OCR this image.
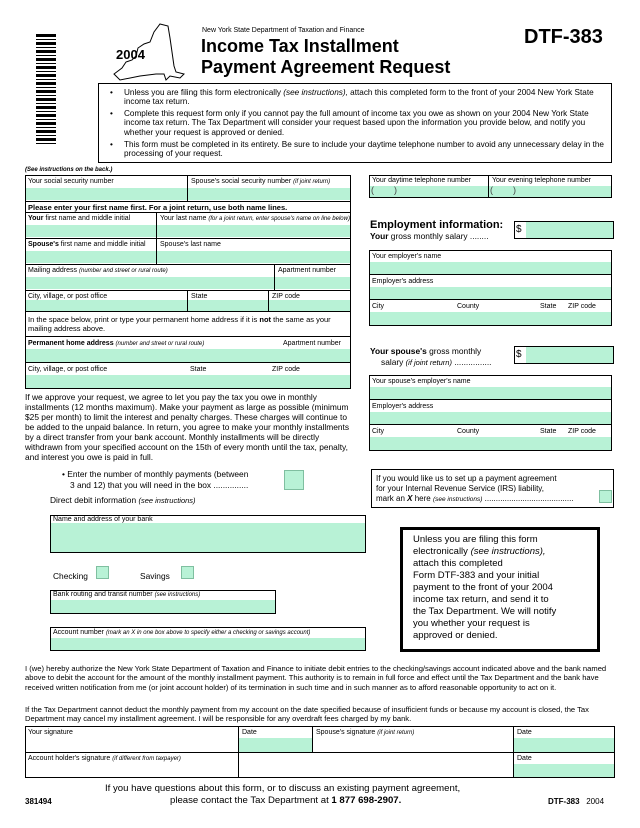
2004
New York State Department of Taxation and Finance
Income Tax Installment
Payment Agreement Request
DTF-383
• Unless you are filing this form electronically (see instructions), attach this completed form to the front of your 2004 New York State income tax return.
• Complete this request form only if you cannot pay the full amount of income tax you owe as shown on your 2004 New York State income tax return. The Tax Department will consider your request based upon the information you provide below, and notify you whether your request is approved or denied.
• This form must be completed in its entirety. Be sure to include your daytime telephone number to avoid any unnecessary delay in the processing of your request.
(See instructions on the back.)
Your social security number	Spouse's social security number (if joint return)
Please enter your first name first. For a joint return, use both name lines.
Your first name and middle initial	Your last name (for a joint return, enter spouse's name on line below)
Spouse's first name and middle initial Spouse's last name
Mailing address (number and street or rural route)	Apartment number
City, village, or post office	State	ZIP code
In the space below, print or type your permanent home address if it is not the same as your mailing address above.
Permanent home address (number and street or rural route)	Apartment number
City, village, or post office	State	ZIP code
If we approve your request, we agree to let you pay the tax you owe in monthly installments (12 months maximum). Make your payment as large as possible (minimum $25 per month) to limit the interest and penalty charges. These charges will continue to be added to the unpaid balance. In return, you agree to make your monthly installments by a direct transfer from your bank account. Monthly installments will be directly withdrawn from your specified account on the 15th of every month until the tax, penalty, and interest you owe is paid in full.
• Enter the number of monthly payments (between
3 and 12) that you will need in the box ...............
Direct debit information (see instructions)
Name and address of your bank
Checking	Savings
Bank routing and transit number (see instructions)
Account number (mark an X in one box above to specify either a checking or savings account)
Your daytime telephone number
(        )
Your evening telephone number
(        )
Employment information:
Your gross monthly salary ........
$
Your employer's name
Employer's address
City	County	State ZIP code
Your spouse's gross monthly
salary (if joint return) ................
$
Your spouse's employer's name
Employer's address
City	County	State ZIP code
If you would like us to set up a payment agreement
for your Internal Revenue Service (IRS) liability,
mark an X here (see instructions) ........................................
Unless you are filing this form
electronically (see instructions),
attach this completed
Form DTF-383 and your initial
payment to the front of your 2004
income tax return, and send it to
the Tax Department. We will notify
you whether your request is
approved or denied.
I (we) hereby authorize the New York State Department of Taxation and Finance to initiate debit entries to the checking/savings account indicated above and the bank named above to debit the account for the amount of the monthly installment payment. This authority is to remain in full force and effect until the Tax Department and the bank have received written notification from me (or joint account holder) of its termination in such time and in such manner as to afford reasonable opportunity to act on it.
If the Tax Department cannot deduct the monthly payment from my account on the date specified because of insufficient funds or because my account is closed, the Tax Department may cancel my installment agreement. I will be responsible for any overdraft fees charged by my bank.
Your signature	Date	Spouse's signature (if joint return)	Date
Account holder's signature (if different from taxpayer)	Date
If you have questions about this form, or to discuss an existing payment agreement,
please contact the Tax Department at 1 877 698-2907.
381494	DTF-383 2004
